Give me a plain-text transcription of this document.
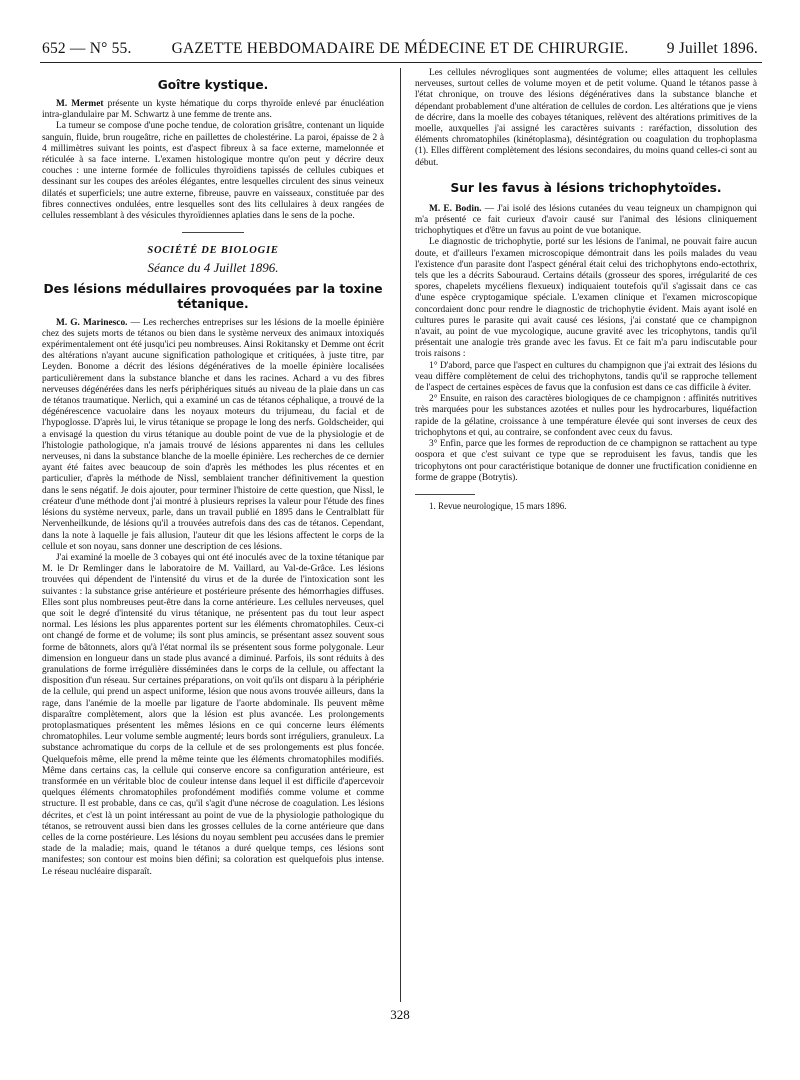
652 — N° 55.	GAZETTE HEBDOMADAIRE DE MÉDECINE ET DE CHIRURGIE.	9 Juillet 1896.
Goître kystique.

M. Mermet présente un kyste hématique du corps thyroïde enlevé par énucléation intra-glandulaire par M. Schwartz à une femme de trente ans.

La tumeur se compose d'une poche tendue, de coloration grisâtre, contenant un liquide sanguin, fluide, brun rougeâtre, riche en paillettes de cholestérine. La paroi, épaisse de 2 à 4 millimètres suivant les points, est d'aspect fibreux à sa face externe, mamelonnée et réticulée à sa face interne. L'examen histologique montre qu'on peut y décrire deux couches : une interne formée de follicules thyroïdiens tapissés de cellules cubiques et dessinant sur les coupes des aréoles élégantes, entre lesquelles circulent des sinus veineux dilatés et superficiels; une autre externe, fibreuse, pauvre en vaisseaux, constituée par des fibres connectives ondulées, entre lesquelles sont des lits cellulaires à deux rangées de cellules ressemblant à des vésicules thyroïdiennes aplaties dans le sens de la poche.

SOCIÉTÉ DE BIOLOGIE
Séance du 4 Juillet 1896.
Des lésions médullaires provoquées par la toxine tétanique.

M. G. Marinesco. — Les recherches entreprises sur les lésions de la moelle épinière chez des sujets morts de tétanos ou bien dans le système nerveux des animaux intoxiqués expérimentalement ont été jusqu'ici peu nombreuses. Ainsi Rokitansky et Demme ont écrit des altérations n'ayant aucune signification pathologique et critiquées, à juste titre, par Leyden. Bonome a décrit des lésions dégénératives de la moelle épinière localisées particulièrement dans la substance blanche et dans les racines. Achard a vu des fibres nerveuses dégénérées dans les nerfs périphériques situés au niveau de la plaie dans un cas de tétanos traumatique. Nerlich, qui a examiné un cas de tétanos céphalique, a trouvé de la dégénérescence vacuolaire dans les noyaux moteurs du trijumeau, du facial et de l'hypoglosse. D'après lui, le virus tétanique se propage le long des nerfs. Goldscheider, qui a envisagé la question du virus tétanique au double point de vue de la physiologie et de l'histologie pathologique, n'a jamais trouvé de lésions apparentes ni dans les cellules nerveuses, ni dans la substance blanche de la moelle épinière. Les recherches de ce dernier ayant été faites avec beaucoup de soin d'après les méthodes les plus récentes et en particulier, d'après la méthode de Nissl, semblaient trancher définitivement la question dans le sens négatif. Je dois ajouter, pour terminer l'histoire de cette question, que Nissl, le créateur d'une méthode dont j'ai montré à plusieurs reprises la valeur pour l'étude des fines lésions du système nerveux, parle, dans un travail publié en 1895 dans le Centralblatt für Nervenheilkunde, de lésions qu'il a trouvées autrefois dans des cas de tétanos. Cependant, dans la note à laquelle je fais allusion, l'auteur dit que les lésions affectent le corps de la cellule et son noyau, sans donner une description de ces lésions.

J'ai examiné la moelle de 3 cobayes qui ont été inoculés avec de la toxine tétanique par M. le Dr Remlinger dans le laboratoire de M. Vaillard, au Val-de-Grâce. Les lésions trouvées qui dépendent de l'intensité du virus et de la durée de l'intoxication sont les suivantes : la substance grise antérieure et postérieure présente des hémorrhagies diffuses. Elles sont plus nombreuses peut-être dans la corne antérieure. Les cellules nerveuses, quel que soit le degré d'intensité du virus tétanique, ne présentent pas du tout leur aspect normal. Les lésions les plus apparentes portent sur les éléments chromatophiles. Ceux-ci ont changé de forme et de volume; ils sont plus amincis, se présentant assez souvent sous forme de bâtonnets, alors qu'à l'état normal ils se présentent sous forme polygonale. Leur dimension en longueur dans un stade plus avancé a diminué. Parfois, ils sont réduits à des granulations de forme irrégulière disséminées dans le corps de la cellule, ou affectant la disposition d'un réseau. Sur certaines préparations, on voit qu'ils ont disparu à la périphérie de la cellule, qui prend un aspect uniforme, lésion que nous avons trouvée ailleurs, dans la rage, dans l'anémie de la moelle par ligature de l'aorte abdominale. Ils peuvent même disparaître complètement, alors que la lésion est plus avancée. Les prolongements protoplasmatiques présentent les mêmes lésions en ce qui concerne leurs éléments chromatophiles. Leur volume semble augmenté; leurs bords sont irréguliers, granuleux. La substance achromatique du corps de la cellule et de ses prolongements est plus foncée. Quelquefois même, elle prend la même teinte que les éléments chromatophiles modifiés. Même dans certains cas, la cellule qui conserve encore sa configuration antérieure, est transformée en un véritable bloc de couleur intense dans lequel il est difficile d'apercevoir quelques éléments chromatophiles profondément modifiés comme volume et comme structure. Il est probable, dans ce cas, qu'il s'agit d'une nécrose de coagulation. Les lésions décrites, et c'est là un point intéressant au point de vue de la physiologie pathologique du tétanos, se retrouvent aussi bien dans les grosses cellules de la corne antérieure que dans celles de la corne postérieure. Les lésions du noyau semblent peu accusées dans le premier stade de la maladie; mais, quand le tétanos a duré quelque temps, ces lésions sont manifestes; son contour est moins bien défini; sa coloration est quelquefois plus intense. Le réseau nucléaire disparaît.

Les cellules névrogliques sont augmentées de volume; elles attaquent les cellules nerveuses, surtout celles de volume moyen et de petit volume. Quand le tétanos passe à l'état chronique, on trouve des lésions dégénératives dans la substance blanche et dépendant probablement d'une altération de cellules de cordon. Les altérations que je viens de décrire, dans la moelle des cobayes tétaniques, relèvent des altérations primitives de la moelle, auxquelles j'ai assigné les caractères suivants : raréfaction, dissolution des éléments chromatophiles (kinétoplasma), désintégration ou coagulation du trophoplasma (1). Elles diffèrent complètement des lésions secondaires, du moins quand celles-ci sont au début.

Sur les favus à lésions trichophytoïdes.

M. E. Bodin. — J'ai isolé des lésions cutanées du veau teigneux un champignon qui m'a présenté ce fait curieux d'avoir causé sur l'animal des lésions cliniquement trichophytiques et d'être un favus au point de vue botanique.

Le diagnostic de trichophytie, porté sur les lésions de l'animal, ne pouvait faire aucun doute, et d'ailleurs l'examen microscopique démontrait dans les poils malades du veau l'existence d'un parasite dont l'aspect général était celui des trichophytons endo-ectothrix, tels que les a décrits Sabouraud. Certains détails (grosseur des spores, irrégularité de ces spores, chapelets mycéliens flexueux) indiquaient toutefois qu'il s'agissait dans ce cas d'une espèce cryptogamique spéciale. L'examen clinique et l'examen microscopique concordaient donc pour rendre le diagnostic de trichophytie évident. Mais ayant isolé en cultures pures le parasite qui avait causé ces lésions, j'ai constaté que ce champignon n'avait, au point de vue mycologique, aucune gravité avec les tricophytons, tandis qu'il présentait une analogie très grande avec les favus. Et ce fait m'a paru indiscutable pour trois raisons :

1° D'abord, parce que l'aspect en cultures du champignon que j'ai extrait des lésions du veau diffère complètement de celui des trichophytons, tandis qu'il se rapproche tellement de l'aspect de certaines espèces de favus que la confusion est dans ce cas difficile à éviter.

2° Ensuite, en raison des caractères biologiques de ce champignon : affinités nutritives très marquées pour les substances azotées et nulles pour les hydrocarbures, liquéfaction rapide de la gélatine, croissance à une température élevée qui sont inverses de ceux des trichophytons et qui, au contraire, se confondent avec ceux du favus.

3° Enfin, parce que les formes de reproduction de ce champignon se rattachent au type oospora et que c'est suivant ce type que se reproduisent les favus, tandis que les tricophytons ont pour caractéristique botanique de donner une fructification conidienne en forme de grappe (Botrytis).

1. Revue neurologique, 15 mars 1896.

328
